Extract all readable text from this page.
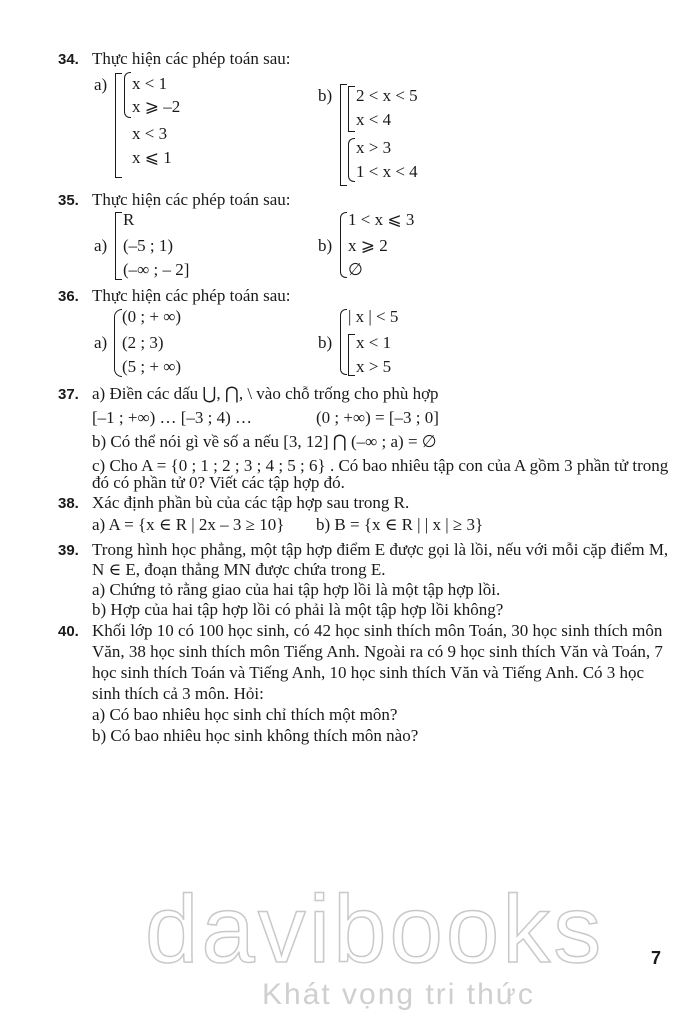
34. Thực hiện các phép toán sau:
a) x < 1
x ⩾ –2
x < 3
x ⩽ 1
b) 2 < x < 5
x < 4
x > 3
1 < x < 4
35. Thực hiện các phép toán sau:
a)
R
(–5 ; 1)
(–∞ ; – 2]
b)
1 < x ⩽ 3
x ⩾ 2
∅
36. Thực hiện các phép toán sau:
a)
(0 ; + ∞)
(2 ; 3)
(5 ; + ∞)
b)
| x | < 5
x < 1
x > 5
37. a) Điền các dấu ⋃, ⋂, \ vào chỗ trống cho phù hợp
[–1 ; +∞) … [–3 ; 4) …	(0 ; +∞) = [–3 ; 0]
b) Có thể nói gì về số a nếu [3, 12] ⋂ (–∞ ; a) = ∅
c) Cho A = {0 ; 1 ; 2 ; 3 ; 4 ; 5 ; 6} . Có bao nhiêu tập con của A gồm 3 phần tử trong
đó có phần tử 0? Viết các tập hợp đó.
38. Xác định phần bù của các tập hợp sau trong R.
a) A = {x ∈ R | 2x – 3 ≥ 10} b) B = {x ∈ R | | x | ≥ 3}
39. Trong hình học phẳng, một tập hợp điểm E được gọi là lồi, nếu với mỗi cặp điểm M,
N ∈ E, đoạn thẳng MN được chứa trong E.
a) Chứng tỏ rằng giao của hai tập hợp lồi là một tập hợp lồi.
b) Hợp của hai tập hợp lồi có phải là một tập hợp lồi không?
40. Khối lớp 10 có 100 học sinh, có 42 học sinh thích môn Toán, 30 học sinh thích môn
Văn, 38 học sinh thích môn Tiếng Anh. Ngoài ra có 9 học sinh thích Văn và Toán, 7
học sinh thích Toán và Tiếng Anh, 10 học sinh thích Văn và Tiếng Anh. Có 3 học
sinh thích cả 3 môn. Hỏi:
a) Có bao nhiêu học sinh chỉ thích một môn?
b) Có bao nhiêu học sinh không thích môn nào?
davibooks
Khát vọng tri thức
7
